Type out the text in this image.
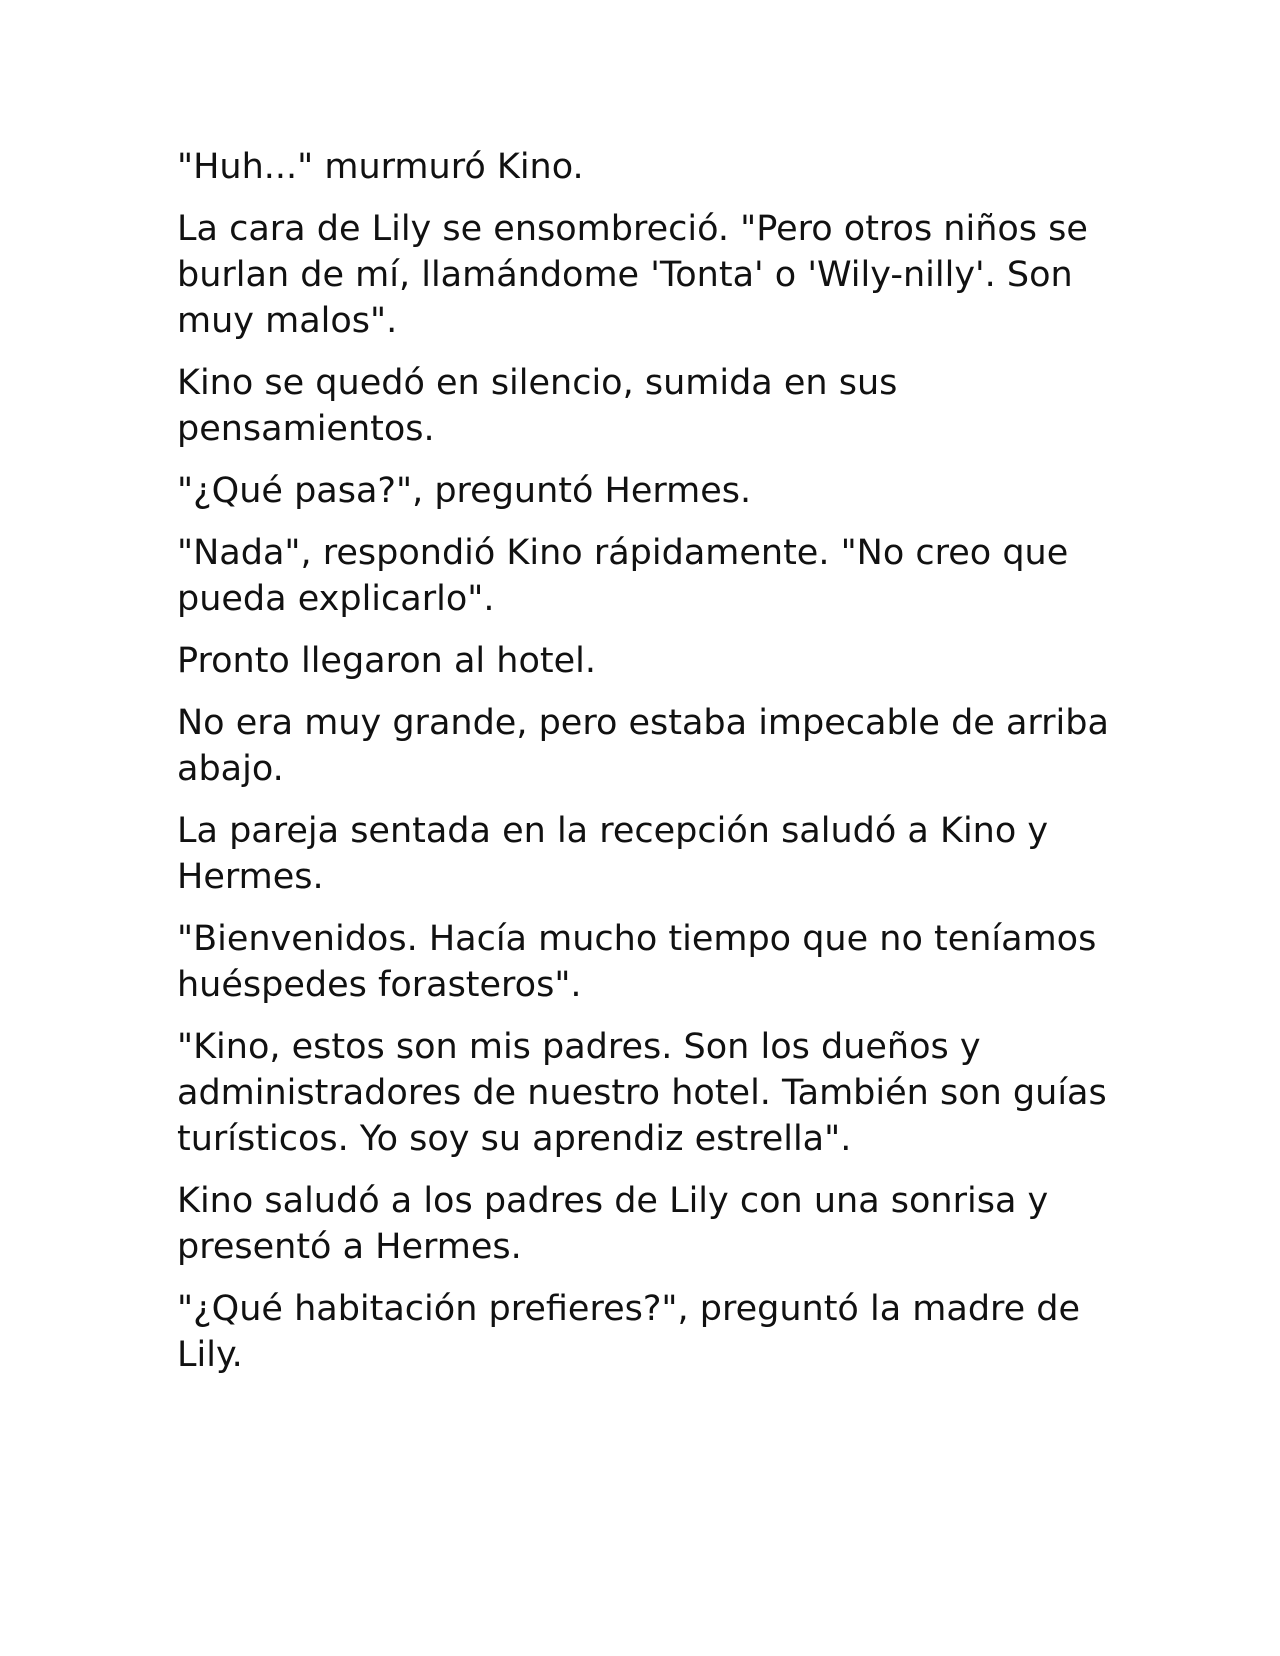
"Huh..." murmuró Kino.

La cara de Lily se ensombreció. "Pero otros niños se burlan de mí, llamándome 'Tonta' o 'Wily-nilly'. Son muy malos".

Kino se quedó en silencio, sumida en sus pensamientos.

"¿Qué pasa?", preguntó Hermes.

"Nada", respondió Kino rápidamente. "No creo que pueda explicarlo".

Pronto llegaron al hotel.

No era muy grande, pero estaba impecable de arriba abajo.

La pareja sentada en la recepción saludó a Kino y Hermes.

"Bienvenidos. Hacía mucho tiempo que no teníamos huéspedes forasteros".

"Kino, estos son mis padres. Son los dueños y administradores de nuestro hotel. También son guías turísticos. Yo soy su aprendiz estrella".

Kino saludó a los padres de Lily con una sonrisa y presentó a Hermes.

"¿Qué habitación prefieres?", preguntó la madre de Lily.
